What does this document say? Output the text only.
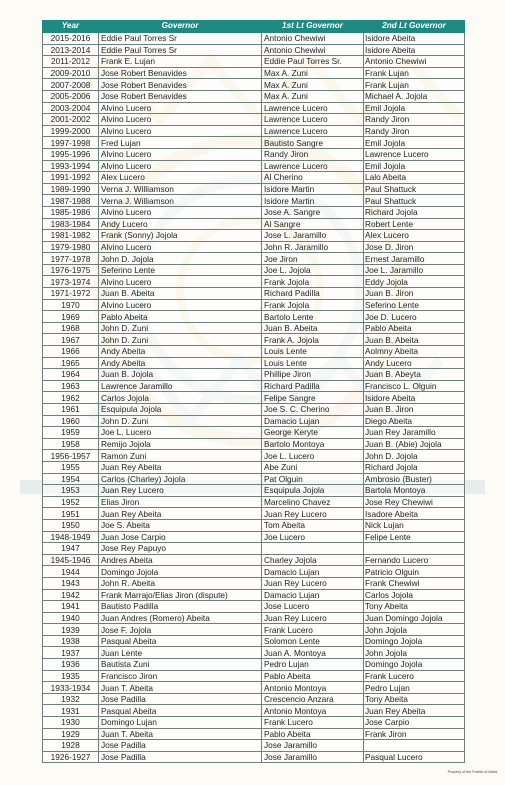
Year	Governor	1st Lt Governor	2nd Lt Governor
2015-2016	Eddie Paul Torres Sr	Antonio Chewiwi	Isidore Abeita
2013-2014	Eddie Paul Torres Sr	Antonio Chewiwi	Isidore Abeita
2011-2012	Frank E. Lujan	Eddie Paul Torres Sr.	Antonio Chewiwi
2009-2010	Jose Robert Benavides	Max A. Zuni	Frank Lujan
2007-2008	Jose Robert Benavides	Max A. Zuni	Frank Lujan
2005-2006	Jose Robert Benavides	Max A. Zuni	Michael A. Jojola
2003-2004	Alvino Lucero	Lawrence Lucero	Emil Jojola
2001-2002	Alvino Lucero	Lawrence Lucero	Randy Jiron
1999-2000	Alvino Lucero	Lawrence Lucero	Randy Jiron
1997-1998	Fred Lujan	Bautisto Sangre	Emil Jojola
1995-1996	Alvino Lucero	Randy Jiron	Lawrence Lucero
1993-1994	Alvino Lucero	Lawrence Lucero	Emil Jojola
1991-1992	Alex Lucero	Al Cherino	Lalo Abeita
1989-1990	Verna J. Williamson	Isidore Martin	Paul Shattuck
1987-1988	Verna J. Williamson	Isidore Martin	Paul Shattuck
1985-1986	Alvino Lucero	Jose A. Sangre	Richard Jojola
1983-1984	Andy Lucero	Al Sangre	Robert Lente
1981-1982	Frank (Sonny) Jojola	Jose L. Jaramillo	Alex Lucero
1979-1980	Alvino Lucero	John R. Jaramillo	Jose D. Jiron
1977-1978	John D. Jojola	Joe Jiron	Ernest Jaramillo
1976-1975	Seferino Lente	Joe L. Jojola	Joe L. Jaramillo
1973-1974	Alvino Lucero	Frank Jojola	Eddy Jojola
1971-1972	Juan B. Abeita	Richard Padilla	Juan B. Jiron
1970	Alvino Lucero	Frank Jojola	Seferino Lente
1969	Pablo Abeita	Bartolo Lente	Joe D. Lucero
1968	John D. Zuni	Juan B. Abeita	Pablo Abeita
1967	John D. Zuni	Frank A. Jojola	Juan B. Abeita
1966	Andy Abeita	Louis Lente	Aolmny Abeita
1965	Andy Abeita	Louis Lente	Andy Lucero
1964	Juan B. Jojola	Phillipe Jiron	Juan B. Abeyta
1963	Lawrence Jaramillo	Richard Padilla	Francisco L. Olguin
1962	Carlos Jojola	Felipe Sangre	Isidore Abeita
1961	Esquipula Jojola	Joe S. C. Cherino	Juan B. Jiron
1960	John D. Zuni	Damacio Lujan	Diego Abeita
1959	Joe L. Lucero	George Keryte	Juan Rey Jaramillo
1958	Remijo Jojola	Bartolo Montoya	Juan B. (Abie) Jojola
1956-1957	Ramon Zuni	Joe L. Lucero	John D. Jojola
1955	Juan Rey Abeita	Abe Zuni	Richard Jojola
1954	Carlos (Charley) Jojola	Pat Olguin	Ambrosio (Buster)
1953	Juan Rey Lucero	Esquipula Jojola	Bartola Montoya
1952	Elias Jiron	Marcelino Chavez	Jose Rey Chewiwi
1951	Juan Rey Abeita	Juan Rey Lucero	Isadore Abeita
1950	Joe S. Abeita	Tom Abeita	Nick Lujan
1948-1949	Juan Jose Carpio	Joe Lucero	Felipe Lente
1947	Jose Rey Papuyo		
1945-1946	Andres Abeita	Charley Jojola	Fernando Lucero
1944	Domingo Jojola	Damacio Lujan	Patricio Olguin
1943	John R. Abeita	Juan Rey Lucero	Frank Chewiwi
1942	Frank Marrajo/Elias Jiron (dispute)	Damacio Lujan	Carlos Jojola
1941	Bautisto Padilla	Jose Lucero	Tony Abeita
1940	Juan Andres (Romero) Abeita	Juan Rey Lucero	Juan Domingo Jojola
1939	Jose F. Jojola	Frank Lucero	John Jojola
1938	Pasqual Abeita	Solomon Lente	Domingo Jojola
1937	Juan Lente	Juan A. Montoya	John Jojola
1936	Bautista Zuni	Pedro Lujan	Domingo Jojola
1935	Francisco Jiron	Pablo Abeita	Frank Lucero
1933-1934	Juan T. Abeita	Antonio Montoya	Pedro Lujan
1932	Jose Padilla	Crescencio Anzara	Tony Abeita
1931	Pasqual Abeita	Antonio Montoya	Juan Rey Abeita
1930	Domingo Lujan	Frank Lucero	Jose Carpio
1929	Juan T. Abeita	Pablo Abeita	Frank Jiron
1928	Jose Padilla	Jose Jaramillo	
1926-1927	Jose Padilla	Jose Jaramillo	Pasqual Lucero
Property of the Pueblo of Isleta
